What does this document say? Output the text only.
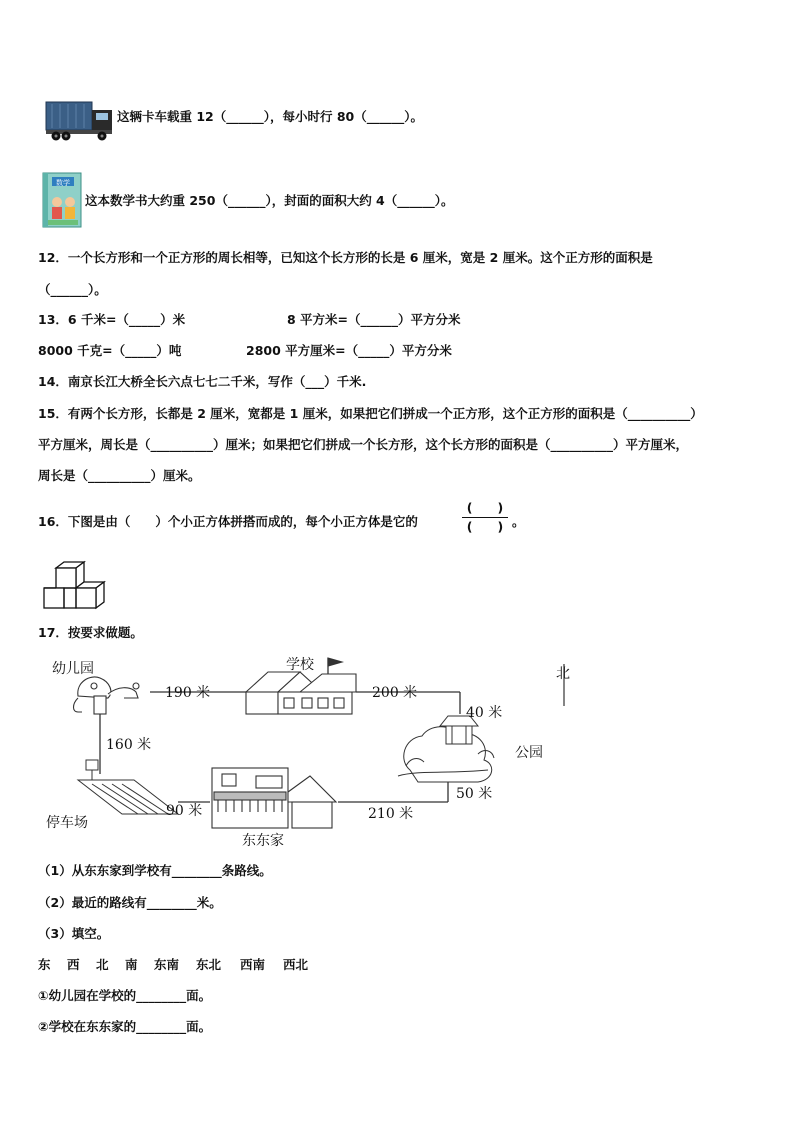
这辆卡车载重 12（______），每小时行 80（______）。
数学
这本数学书大约重 250（______），封面的面积大约 4（______）。
12．一个长方形和一个正方形的周长相等，已知这个长方形的长是 6 厘米，宽是 2 厘米。这个正方形的面积是
（______）。
13．6 千米=（_____）米	8 平方米=（______）平方分米
8000 千克=（_____）吨	2800 平方厘米=（_____）平方分米
14．南京长江大桥全长六点七七二千米，写作（___）千米.
15．有两个长方形，长都是 2 厘米，宽都是 1 厘米，如果把它们拼成一个正方形，这个正方形的面积是（__________）
平方厘米，周长是（__________）厘米；如果把它们拼成一个长方形，这个长方形的面积是（__________）平方厘米，
周长是（__________）厘米。
16．下图是由（　　）个小正方体拼搭而成的，每个小正方体是它的
(　　)
(　　) 。
17．按要求做题。
幼儿园	学校
北
公园
停车场
东东家
190 米	200 米
40 米
160 米
90 米	210 米
50 米
（1）从东东家到学校有________条路线。
（2）最近的路线有________米。
（3）填空。
东 西 北 南 东南 东北 西南 西北
①幼儿园在学校的________面。
②学校在东东家的________面。
